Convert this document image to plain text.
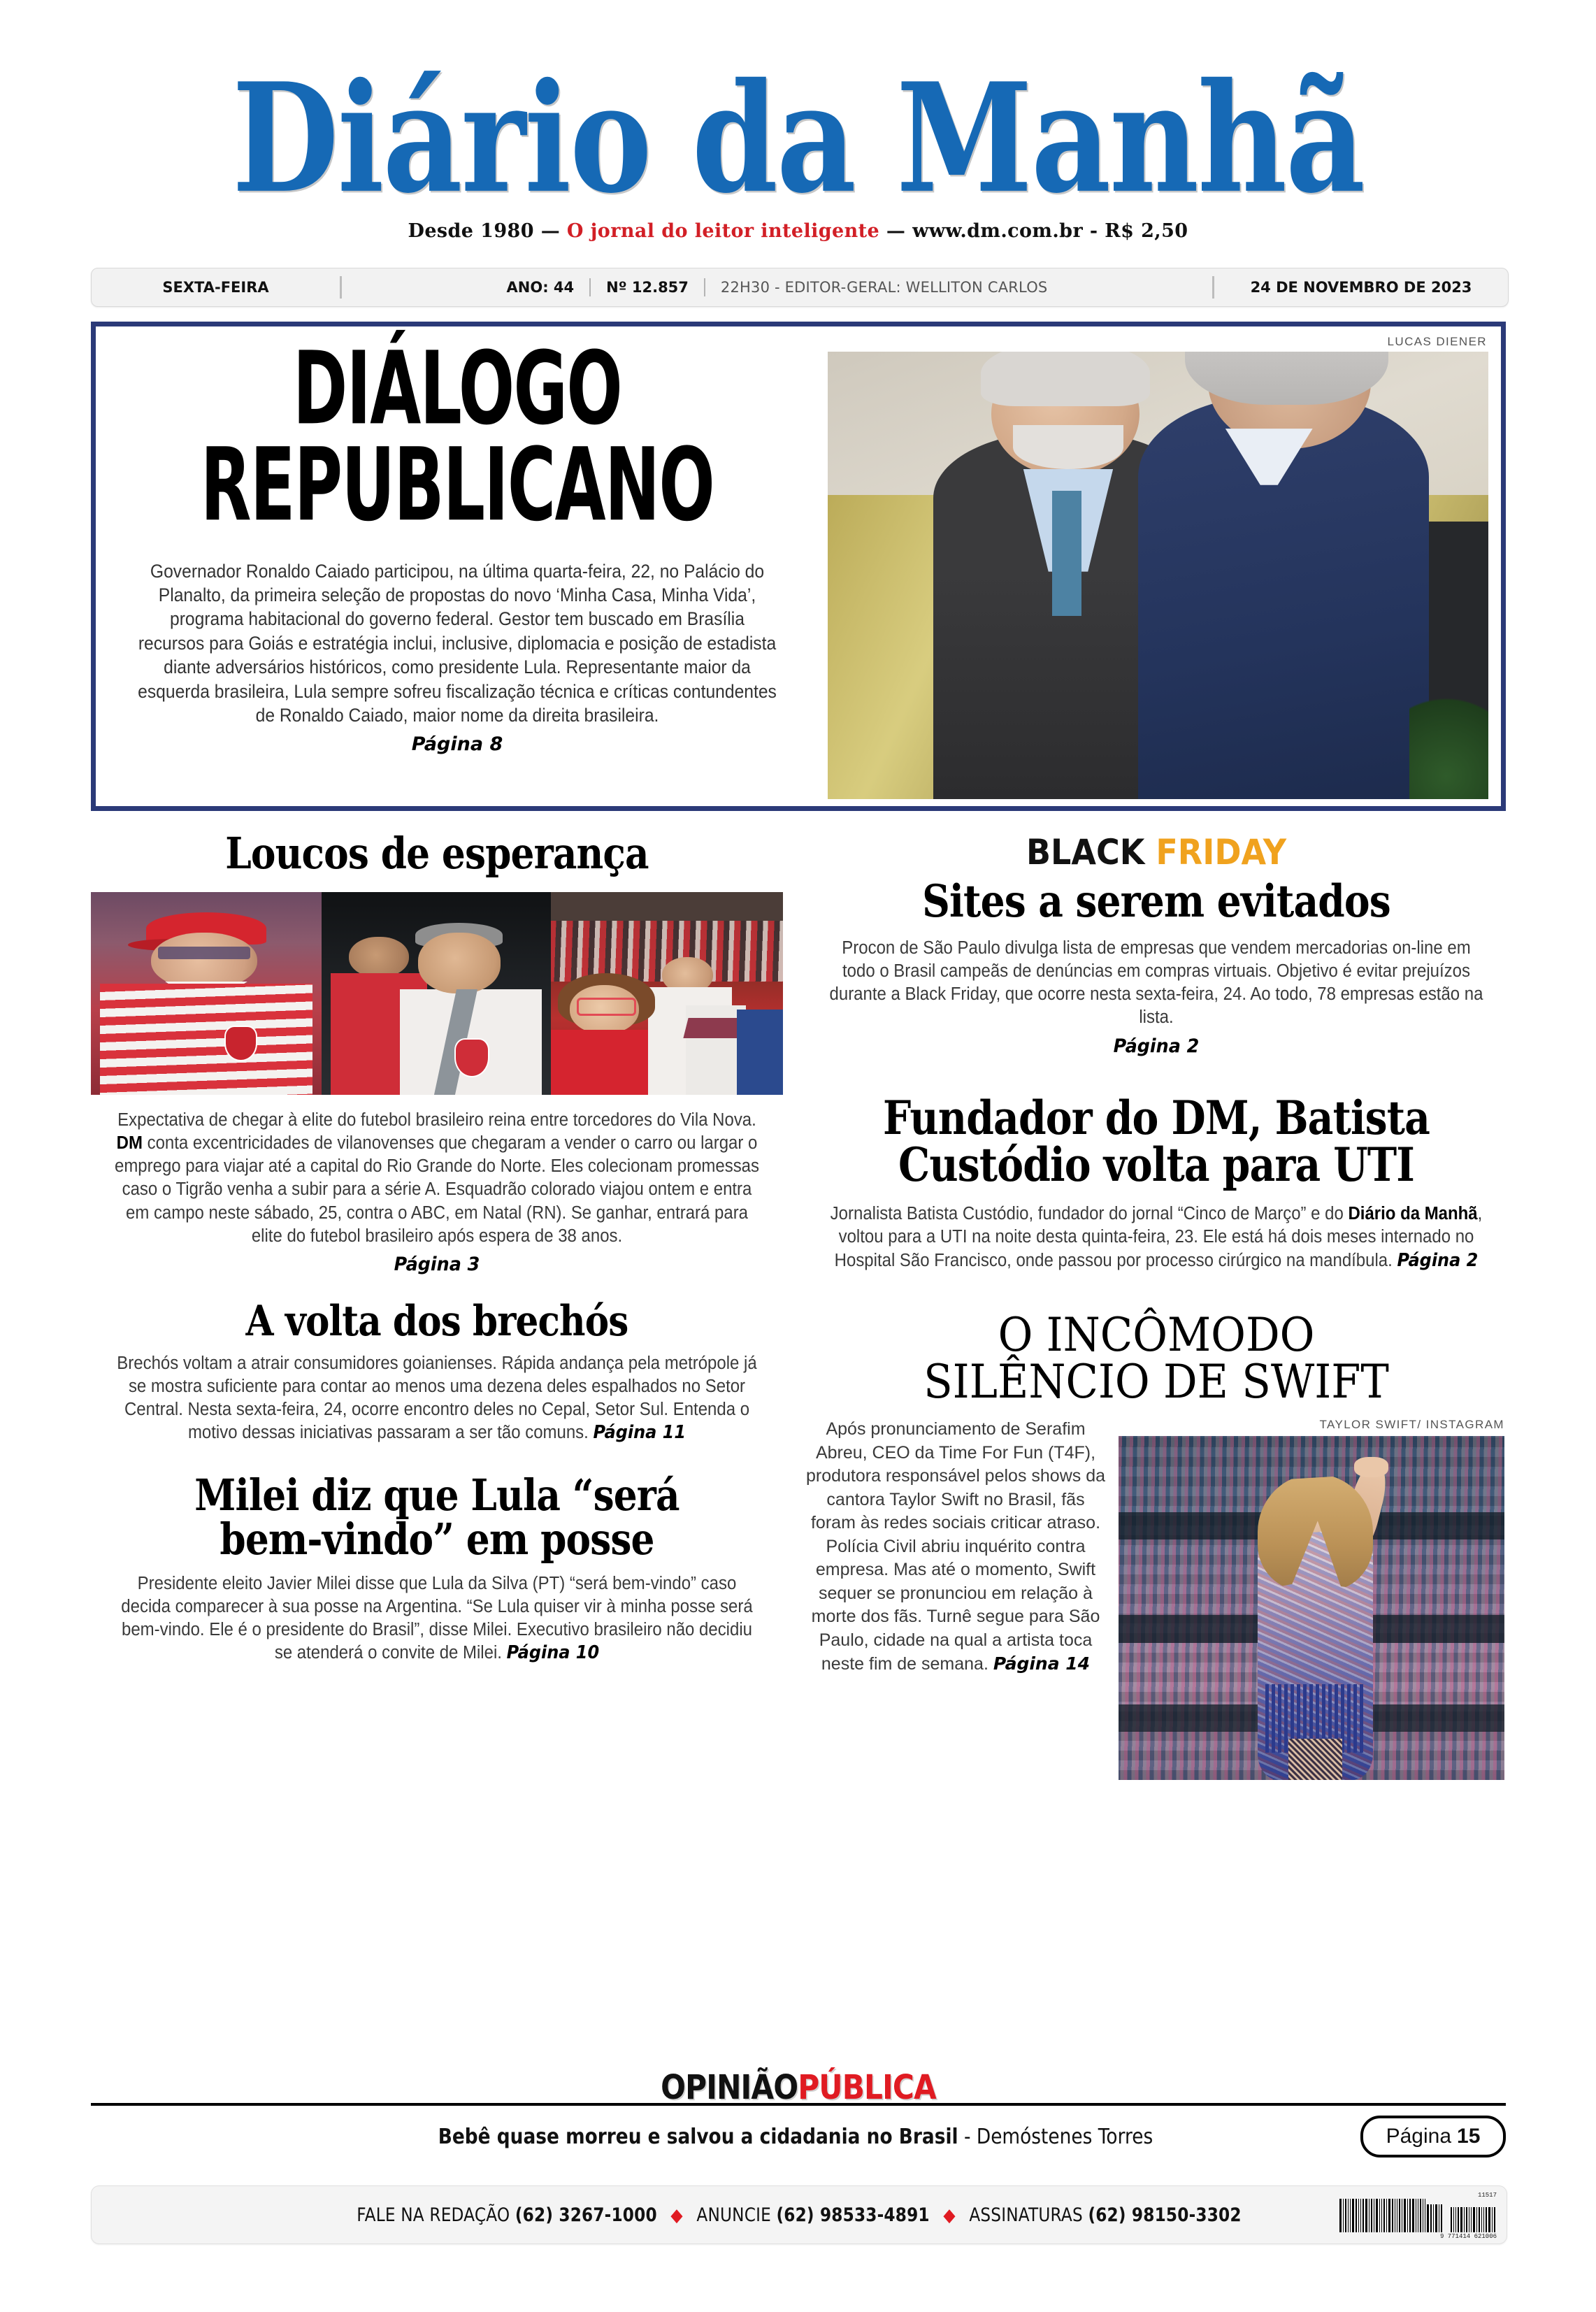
Diário da Manhã
Desde 1980 — O jornal do leitor inteligente — www.dm.com.br - R$ 2,50
SEXTA-FEIRA	ANO: 44 Nº 12.857 22H30 - EDITOR-GERAL: WELLITON CARLOS	24 DE NOVEMBRO DE 2023
DIÁLOGO
REPUBLICANO
Governador Ronaldo Caiado participou, na última quarta-feira, 22, no Palácio do Planalto, da primeira seleção de propostas do novo ‘Minha Casa, Minha Vida’, programa habitacional do governo federal. Gestor tem buscado em Brasília recursos para Goiás e estratégia inclui, inclusive, diplomacia e posição de estadista diante adversários históricos, como presidente Lula. Representante maior da esquerda brasileira, Lula sempre sofreu fiscalização técnica e críticas contundentes de Ronaldo Caiado, maior nome da direita brasileira.
Página 8
LUCAS DIENER
Loucos de esperança
Expectativa de chegar à elite do futebol brasileiro reina entre torcedores do Vila Nova. DM conta excentricidades de vilanovenses que chegaram a vender o carro ou largar o emprego para viajar até a capital do Rio Grande do Norte. Eles colecionam promessas caso o Tigrão venha a subir para a série A. Esquadrão colorado viajou ontem e entra em campo neste sábado, 25, contra o ABC, em Natal (RN). Se ganhar, entrará para elite do futebol brasileiro após espera de 38 anos.
Página 3
A volta dos brechós
Brechós voltam a atrair consumidores goianienses. Rápida andança pela metrópole já se mostra suficiente para contar ao menos uma dezena deles espalhados no Setor Central. Nesta sexta-feira, 24, ocorre encontro deles no Cepal, Setor Sul. Entenda o motivo dessas iniciativas passaram a ser tão comuns. Página 11
Milei diz que Lula “será
bem-vindo” em posse
Presidente eleito Javier Milei disse que Lula da Silva (PT) “será bem-vindo” caso decida comparecer à sua posse na Argentina. “Se Lula quiser vir à minha posse será bem-vindo. Ele é o presidente do Brasil”, disse Milei. Executivo brasileiro não decidiu se atenderá o convite de Milei. Página 10
BLACK FRIDAY
Sites a serem evitados
Procon de São Paulo divulga lista de empresas que vendem mercadorias on-line em todo o Brasil campeãs de denúncias em compras virtuais. Objetivo é evitar prejuízos durante a Black Friday, que ocorre nesta sexta-feira, 24. Ao todo, 78 empresas estão na lista.
Página 2
Fundador do DM, Batista
Custódio volta para UTI
Jornalista Batista Custódio, fundador do jornal “Cinco de Março” e do Diário da Manhã, voltou para a UTI na noite desta quinta-feira, 23. Ele está há dois meses internado no Hospital São Francisco, onde passou por processo cirúrgico na mandíbula. Página 2
O INCÔMODO
SILÊNCIO DE SWIFT
Após pronunciamento de Serafim Abreu, CEO da Time For Fun (T4F), produtora responsável pelos shows da cantora Taylor Swift no Brasil, fãs foram às redes sociais criticar atraso. Polícia Civil abriu inquérito contra empresa. Mas até o momento, Swift sequer se pronunciou em relação à morte dos fãs. Turnê segue para São Paulo, cidade na qual a artista toca neste fim de semana. Página 14
TAYLOR SWIFT/ INSTAGRAM
OPINIÃOPÚBLICA
Bebê quase morreu e salvou a cidadania no Brasil - Demóstenes Torres	Página 15
FALE NA REDAÇÃO (62) 3267-1000 ◆ ANUNCIE (62) 98533-4891 ◆ ASSINATURAS (62) 98150-3302
11517
9 771414 621006
